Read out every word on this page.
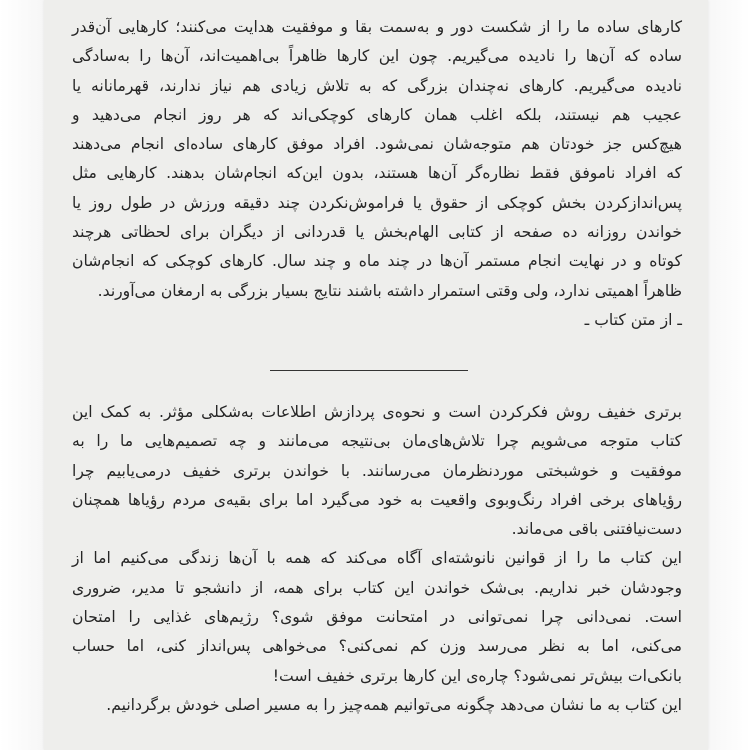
کارهای ساده ما را از شکست دور و به‌سمت بقا و موفقیت هدایت می‌کنند؛ کارهایی آن‌قدر
ساده که آن‌ها را نادیده می‌گیریم. چون این کارها ظاهراً بی‌اهمیت‌اند، آن‌ها را به‌سادگی
نادیده می‌گیریم. کارهای نه‌چندان بزرگی که به تلاش زیادی هم نیاز ندارند، قهرمانانه یا
عجیب هم نیستند، بلکه اغلب همان کارهای کوچکی‌اند که هر روز انجام می‌دهید و
هیچ‌کس جز خودتان هم متوجه‌شان نمی‌شود. افراد موفق کارهای ساده‌ای انجام می‌دهند
که افراد ناموفق فقط نظاره‌گر آن‌ها هستند، بدون این‌که انجام‌شان بدهند. کارهایی مثل
پس‌اندازکردن بخش کوچکی از حقوق یا فراموش‌نکردن چند دقیقه ورزش در طول روز یا
خواندن روزانه ده صفحه از کتابی الهام‌بخش یا قدردانی از دیگران برای لحظاتی هرچند
کوتاه و در نهایت انجام مستمر آن‌ها در چند ماه و چند سال. کارهای کوچکی که انجام‌شان
ظاهراً اهمیتی ندارد، ولی وقتی استمرار داشته باشند نتایج بسیار بزرگی به ارمغان می‌آورند.
ـ از متن کتاب ـ
برتری خفیف روش فکرکردن است و نحوه‌ی پردازش اطلاعات به‌شکلی مؤثر. به کمک این
کتاب متوجه می‌شویم چرا تلاش‌های‌مان بی‌نتیجه می‌مانند و چه تصمیم‌هایی ما را به
موفقیت و خوشبختی موردنظرمان می‌رسانند. با خواندن برتری خفیف درمی‌یابیم چرا
رؤیاهای برخی افراد رنگ‌وبوی واقعیت به خود می‌گیرد اما برای بقیه‌ی مردم رؤیاها همچنان
دست‌نیافتنی باقی می‌ماند.
این کتاب ما را از قوانین نانوشته‌ای آگاه می‌کند که همه با آن‌ها زندگی می‌کنیم اما از
وجودشان خبر نداریم. بی‌شک خواندن این کتاب برای همه، از دانشجو تا مدیر، ضروری
است. نمی‌دانی چرا نمی‌توانی در امتحانت موفق شوی؟ رژیم‌های غذایی را امتحان
می‌کنی، اما به نظر می‌رسد وزن کم نمی‌کنی؟ می‌خواهی پس‌انداز کنی، اما حساب
بانکی‌ات بیش‌تر نمی‌شود؟ چاره‌ی این کارها برتری خفیف است!
این کتاب به ما نشان می‌دهد چگونه می‌توانیم همه‌چیز را به مسیر اصلی خودش برگردانیم.
